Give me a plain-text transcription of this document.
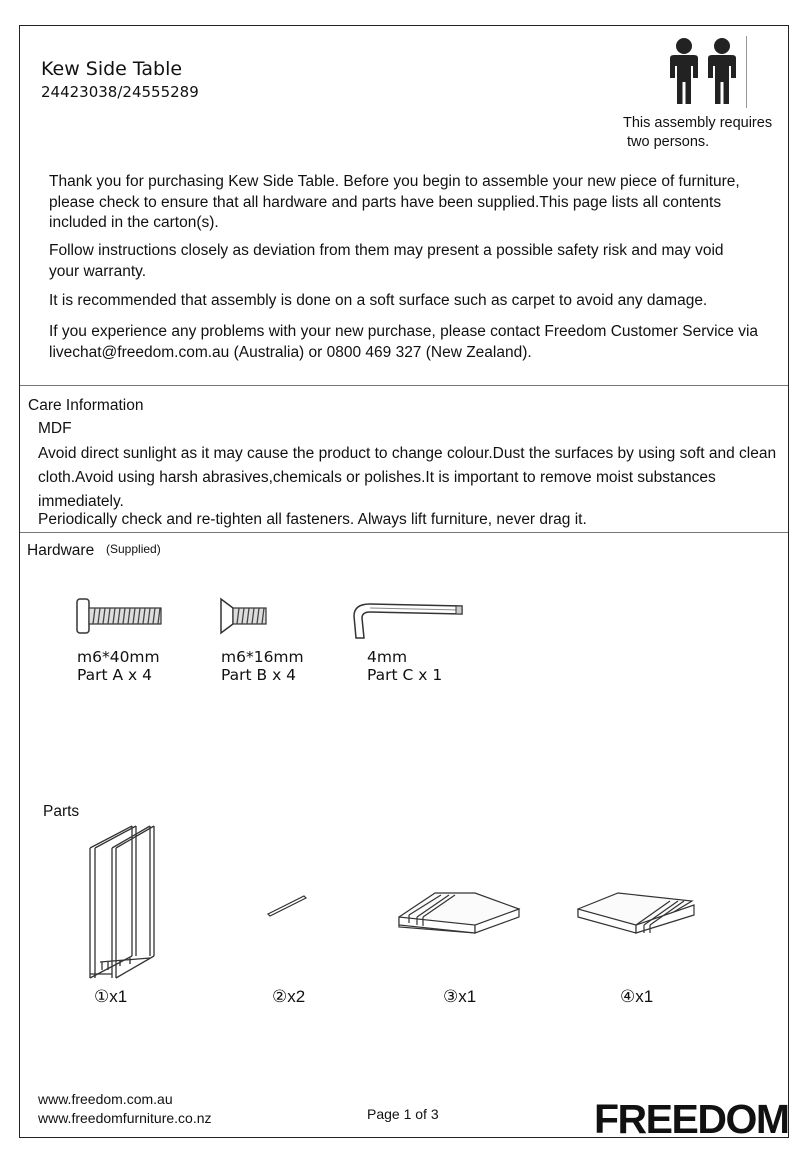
Kew Side Table
24423038/24555289
This assembly requires
two persons.
Thank you for purchasing Kew Side Table. Before you begin to assemble your new piece of furniture, please check to ensure that all hardware and parts have been supplied.This page lists all contents included in the carton(s).
Follow instructions closely as deviation from them may present a possible safety risk and may void your warranty.
It is recommended that assembly is done on a soft surface such as carpet to avoid any damage.
If you experience any problems with your new purchase, please contact Freedom Customer Service via livechat@freedom.com.au (Australia) or 0800 469 327 (New Zealand).
Care Information
MDF
Avoid direct sunlight as it may cause the product to change colour.Dust the surfaces by using soft and clean cloth.Avoid using harsh abrasives,chemicals or polishes.It is important to remove moist substances immediately.
Periodically check and re-tighten all fasteners. Always lift furniture, never drag it.
Hardware (Supplied)
m6*40mm
Part A x 4
m6*16mm
Part B x 4
4mm
Part C x 1
Parts
①x1	②x2	③x1	④x1
www.freedom.com.au
www.freedomfurniture.co.nz	Page 1 of 3	FREEDOM
